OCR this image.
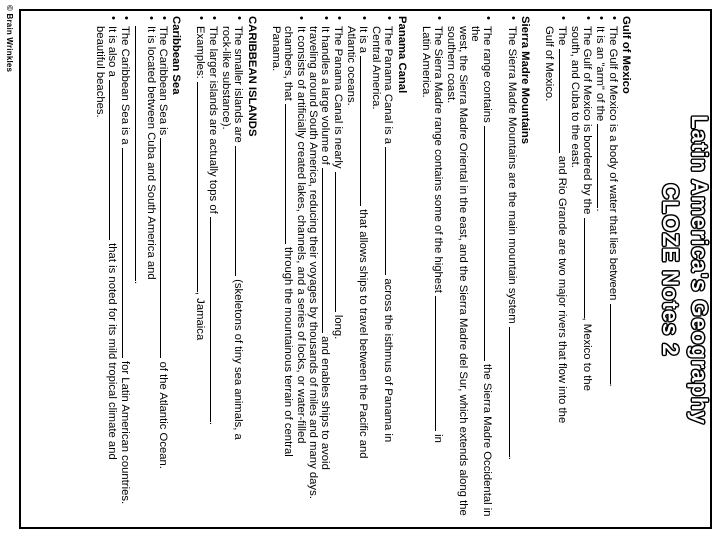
Latin America's Geography
CLOZE Notes 2
Gulf of Mexico
• The Gulf of Mexico is a body of water that lies between .
• It is an "arm" of the .
• The Gulf of Mexico is bordered by the , Mexico to the
south, and Cuba to the east.
• The  and Rio Grande are two major rivers that flow into the
Gulf of Mexico.
Sierra Madre Mountains
• The Sierra Madre Mountains are the main mountain system .
• The range contains  the Sierra Madre Occidental in the
west, the Sierra Madre Oriental in the east, and the Sierra Madre del Sur, which extends along the southern coast.
• The Sierra Madre range contains some of the highest  in
Latin America.
Panama Canal
• The Panama Canal is a  across the isthmus of Panama in
Central America.
• It is a  that allows ships to travel between the Pacific and
Atlantic oceans.
• The Panama Canal is nearly  long.
• It handles a large volume of  and enables ships to avoid
traveling around South America, reducing their voyages by thousands of miles and many days.
• It consists of artificially created lakes, channels, and a series of locks, or water-filled
chambers, that  through the mountainous terrain of central
Panama.
CARIBBEAN ISLANDS
• The smaller islands are  (skeletons of tiny sea animals, a
rock-like substance).
• The larger islands are actually tops of .
• Examples: , Jamaica
Caribbean Sea
• The Caribbean Sea is  of the Atlantic Ocean.
• It is located between Cuba and South America and .
• The Caribbean Sea is a  for Latin American countries.
• It is also a  that is noted for its mild tropical climate and
beautiful beaches.
© Brain Wrinkles
